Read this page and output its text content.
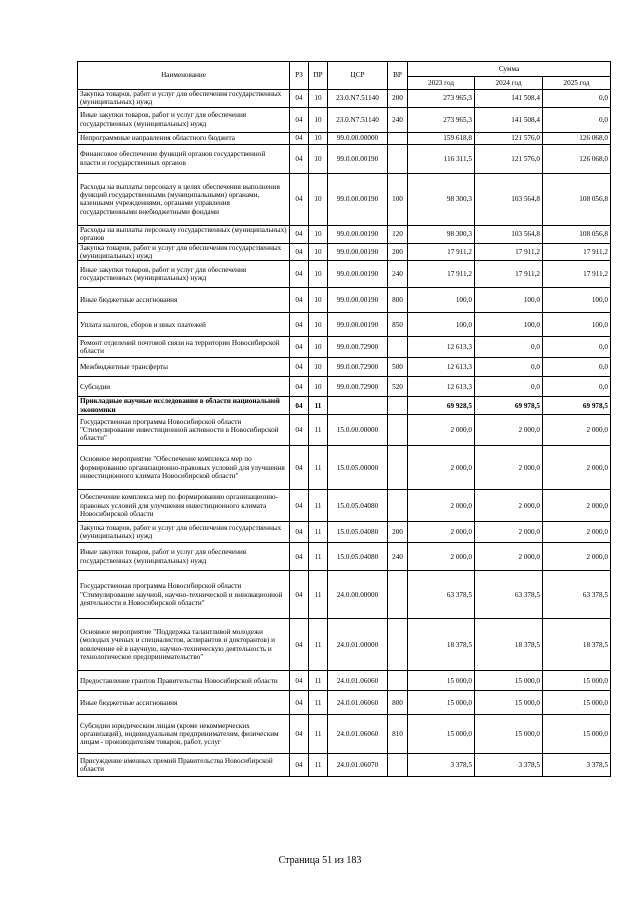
Наименование	РЗ	ПР	ЦСР	ВР	Сумма		
					2023 год	2024 год	2025 год
Закупка товаров, работ и услуг для обеспечения государственных (муниципальных) нужд	04	10	23.0.N7.51140	200	273 965,3	141 508,4	0,0
Иные закупки товаров, работ и услуг для обеспечения государственных (муниципальных) нужд	04	10	23.0.N7.51140	240	273 965,3	141 508,4	0,0
Непрограммные направления областного бюджета	04	10	99.0.00.00000		159 618,8	121 576,0	126 068,0
Финансовое обеспечение функций органов государственной власти и государственных органов	04	10	99.0.00.00190		116 311,5	121 576,0	126 068,0
Расходы на выплаты персоналу в целях обеспечения выполнения функций государственными (муниципальными) органами, казенными учреждениями, органами управления государственными внебюджетными фондами	04	10	99.0.00.00190	100	98 300,3	103 564,8	108 056,8
Расходы на выплаты персоналу государственных (муниципальных) органов	04	10	99.0.00.00190	120	98 300,3	103 564,8	108 056,8
Закупка товаров, работ и услуг для обеспечения государственных (муниципальных) нужд	04	10	99.0.00.00190	200	17 911,2	17 911,2	17 911,2
Иные закупки товаров, работ и услуг для обеспечения государственных (муниципальных) нужд	04	10	99.0.00.00190	240	17 911,2	17 911,2	17 911,2
Иные бюджетные ассигнования	04	10	99.0.00.00190	800	100,0	100,0	100,0
Уплата налогов, сборов и иных платежей	04	10	99.0.00.00190	850	100,0	100,0	100,0
Ремонт отделений почтовой связи на территории Новосибирской области	04	10	99.0.00.72900		12 613,3	0,0	0,0
Межбюджетные трансферты	04	10	99.0.00.72900	500	12 613,3	0,0	0,0
Субсидии	04	10	99.0.00.72900	520	12 613,3	0,0	0,0
Прикладные научные исследования в области национальной экономики	04	11			69 928,5	69 978,5	69 978,5
Государственная программа Новосибирской области "Стимулирование инвестиционной активности в Новосибирской области"	04	11	15.0.00.00000		2 000,0	2 000,0	2 000,0
Основное мероприятие "Обеспечение комплекса мер по формированию организационно-правовых условий для улучшения инвестиционного климата Новосибирской области"	04	11	15.0.05.00000		2 000,0	2 000,0	2 000,0
Обеспечение комплекса мер по формированию организационно-правовых условий для улучшения инвестиционного климата Новосибирской области	04	11	15.0.05.04080		2 000,0	2 000,0	2 000,0
Закупка товаров, работ и услуг для обеспечения государственных (муниципальных) нужд	04	11	15.0.05.04080	200	2 000,0	2 000,0	2 000,0
Иные закупки товаров, работ и услуг для обеспечения государственных (муниципальных) нужд	04	11	15.0.05.04080	240	2 000,0	2 000,0	2 000,0
Государственная программа Новосибирской области "Стимулирование научной, научно-технической и инновационной деятельности в Новосибирской области"	04	11	24.0.00.00000		63 378,5	63 378,5	63 378,5
Основное мероприятие "Поддержка талантливой молодежи (молодых ученых и специалистов, аспирантов и докторантов) и вовлечение её в научную, научно-техническую деятельность и технологическое предпринимательство"	04	11	24.0.01.00000		18 378,5	18 378,5	18 378,5
Предоставление грантов Правительства Новосибирской области	04	11	24.0.01.06060		15 000,0	15 000,0	15 000,0
Иные бюджетные ассигнования	04	11	24.0.01.06060	800	15 000,0	15 000,0	15 000,0
Субсидии юридическим лицам (кроме некоммерческих организаций), индивидуальным предпринимателям, физическим лицам - производителям товаров, работ, услуг	04	11	24.0.01.06060	810	15 000,0	15 000,0	15 000,0
Присуждение именных премий Правительства Новосибирской области	04	11	24.0.01.06070		3 378,5	3 378,5	3 378,5
Страница 51 из 183
